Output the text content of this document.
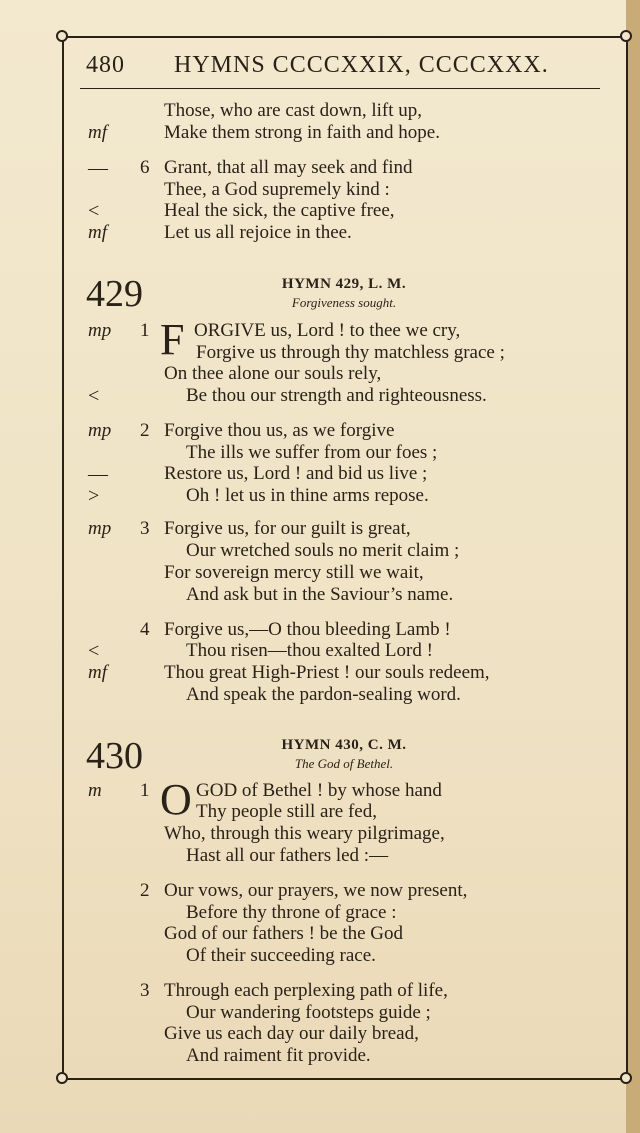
480 HYMNS CCCCXXIX, CCCCXXX.
Those, who are cast down, lift up,
mf	Make them strong in faith and hope.
— 6 Grant, that all may seek and find
Thee, a God supremely kind :
<	Heal the sick, the captive free,
mf	Let us all rejoice in thee.
429	HYMN 429, L. M.
Forgiveness sought.
mp 1 F ORGIVE us, Lord ! to thee we cry,
Forgive us through thy matchless grace ;
On thee alone our souls rely,
<	Be thou our strength and righteousness.
mp 2 Forgive thou us, as we forgive
The ills we suffer from our foes ;
—	Restore us, Lord ! and bid us live ;
>	Oh ! let us in thine arms repose.
mp 3 Forgive us, for our guilt is great,
Our wretched souls no merit claim ;
For sovereign mercy still we wait,
And ask but in the Saviour’s name.
4 Forgive us,—O thou bleeding Lamb !
<	Thou risen—thou exalted Lord !
mf	Thou great High-Priest ! our souls redeem,
And speak the pardon-sealing word.
430	HYMN 430, C. M.
The God of Bethel.
m 1 O GOD of Bethel ! by whose hand
Thy people still are fed,
Who, through this weary pilgrimage,
Hast all our fathers led :—
2 Our vows, our prayers, we now present,
Before thy throne of grace :
God of our fathers ! be the God
Of their succeeding race.
3 Through each perplexing path of life,
Our wandering footsteps guide ;
Give us each day our daily bread,
And raiment fit provide.
